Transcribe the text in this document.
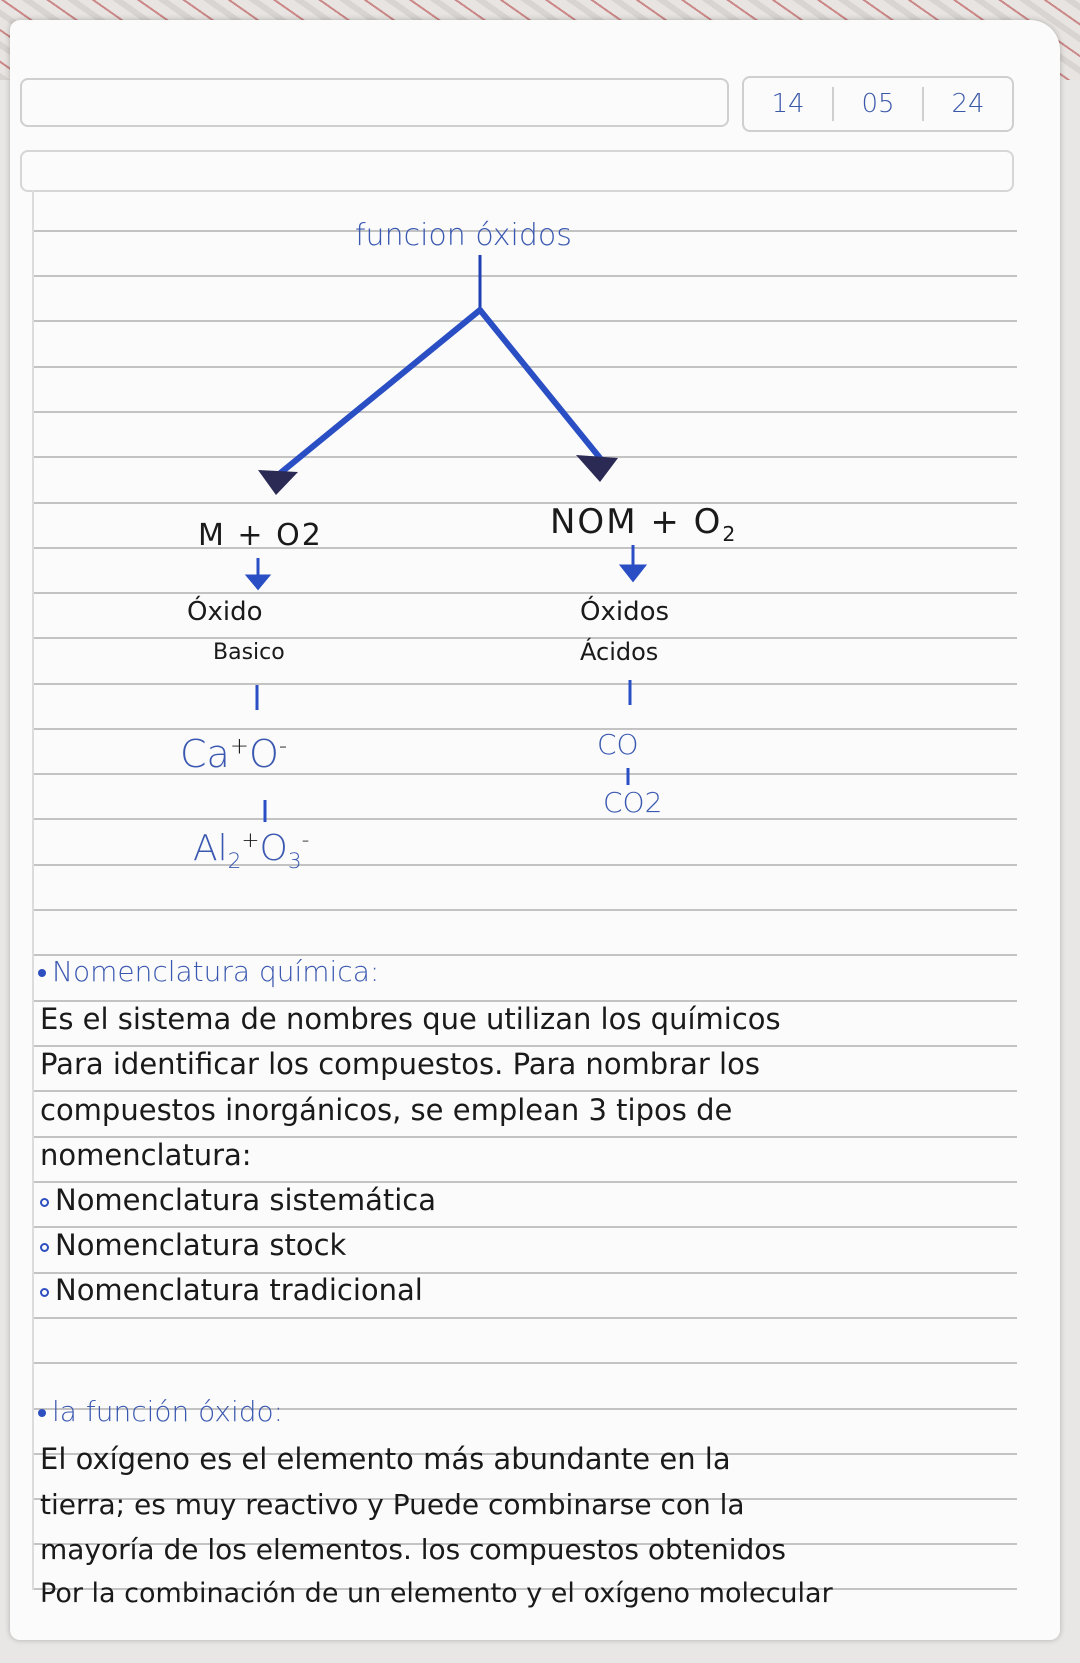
14	05	24
funcion óxidos
M + O2
Óxido
Basico
Ca+O-
$Al_2^+O_3^-$
NOM + $O_2$
Óxidos
Ácidos
CO
CO2
Nomenclatura química:
Es el sistema de nombres que utilizan los químicos
Para identificar los compuestos. Para nombrar los
compuestos inorgánicos, se emplean 3 tipos de
nomenclatura:
Nomenclatura sistemática
Nomenclatura stock
Nomenclatura tradicional
la función óxido:
El oxígeno es el elemento más abundante en la
tierra; es muy reactivo y Puede combinarse con la
mayoría de los elementos. los compuestos obtenidos
Por la combinación de un elemento y el oxígeno molecular
